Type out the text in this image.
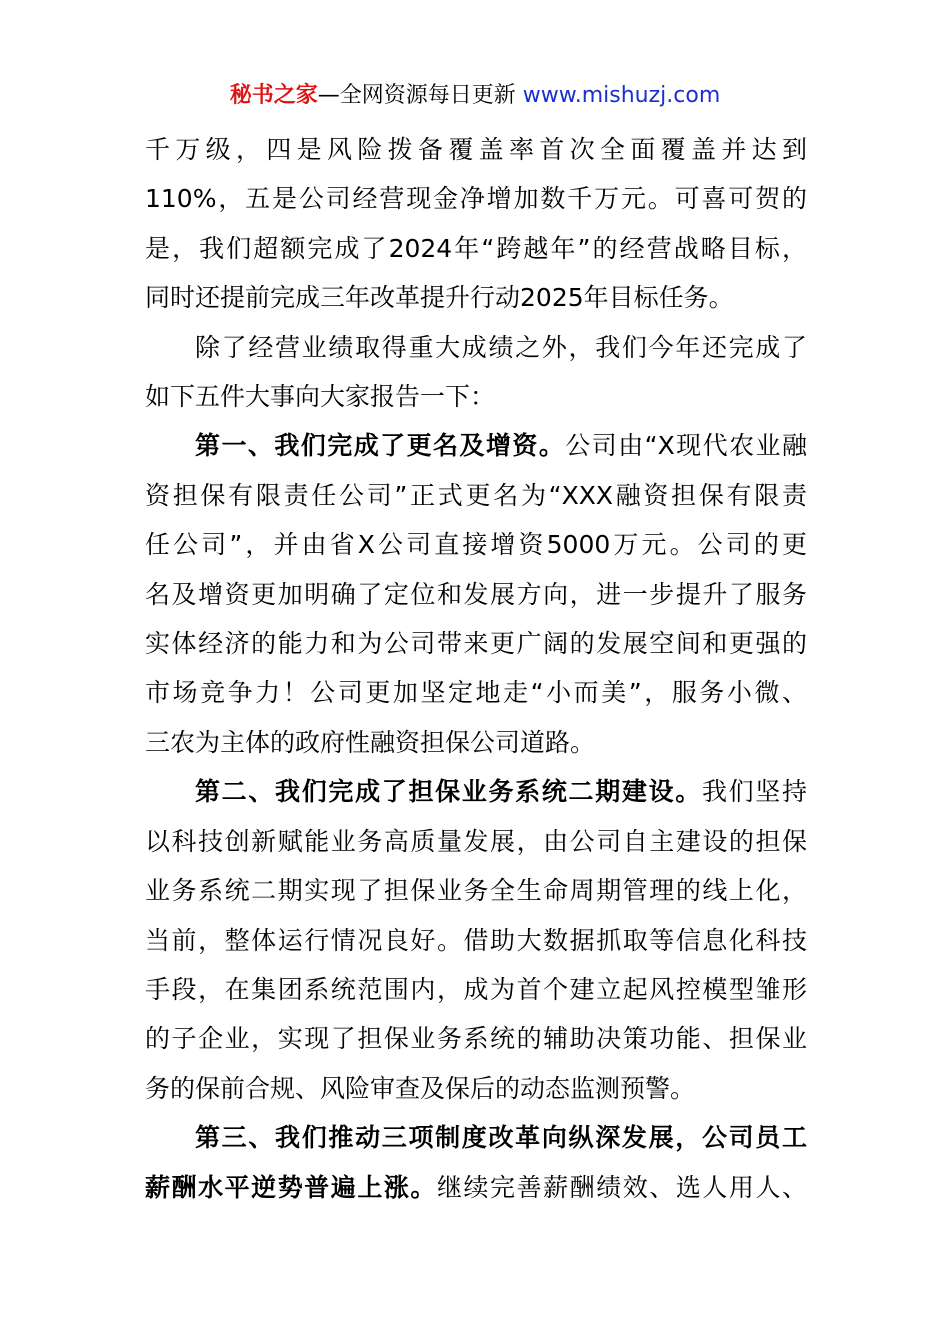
秘书之家—全网资源每日更新 www.mishuzj.com

千万级，四是风险拨备覆盖率首次全面覆盖并达到
110%，五是公司经营现金净增加数千万元。可喜可贺的
是，我们超额完成了2024年“跨越年”的经营战略目标，
同时还提前完成三年改革提升行动2025年目标任务。

除了经营业绩取得重大成绩之外，我们今年还完成了
如下五件大事向大家报告一下：

第一、我们完成了更名及增资。公司由“X现代农业融
资担保有限责任公司”正式更名为“XXX融资担保有限责
任公司”，并由省X公司直接增资5000万元。公司的更
名及增资更加明确了定位和发展方向，进一步提升了服务
实体经济的能力和为公司带来更广阔的发展空间和更强的
市场竞争力！公司更加坚定地走“小而美”，服务小微、
三农为主体的政府性融资担保公司道路。

第二、我们完成了担保业务系统二期建设。我们坚持
以科技创新赋能业务高质量发展，由公司自主建设的担保
业务系统二期实现了担保业务全生命周期管理的线上化，
当前，整体运行情况良好。借助大数据抓取等信息化科技
手段，在集团系统范围内，成为首个建立起风控模型雏形
的子企业，实现了担保业务系统的辅助决策功能、担保业
务的保前合规、风险审查及保后的动态监测预警。

第三、我们推动三项制度改革向纵深发展，公司员工
薪酬水平逆势普遍上涨。继续完善薪酬绩效、选人用人、
